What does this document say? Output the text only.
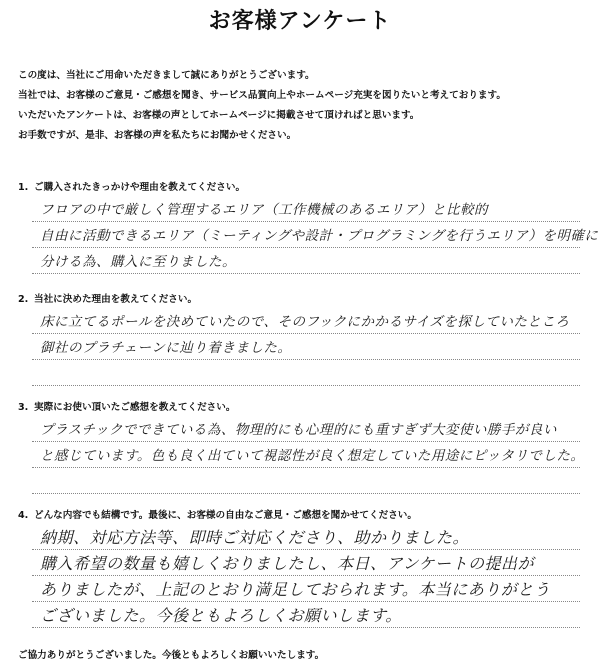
お客様アンケート

この度は、当社にご用命いただきまして誠にありがとうございます。

当社では、お客様のご意見・ご感想を聞き、サービス品質向上やホームページ充実を図りたいと考えております。

いただいたアンケートは、お客様の声としてホームページに掲載させて頂ければと思います。

お手数ですが、是非、お客様の声を私たちにお聞かせください。

1. ご購入されたきっかけや理由を教えてください。
フロアの中で厳しく管理するエリア（工作機械のあるエリア）と比較的
自由に活動できるエリア（ミーティングや設計・プログラミングを行うエリア）を明確に
分ける為、購入に至りました。
2. 当社に決めた理由を教えてください。
床に立てるポールを決めていたので、そのフックにかかるサイズを探していたところ
御社のプラチェーンに辿り着きました。
3. 実際にお使い頂いたご感想を教えてください。
プラスチックでできている為、物理的にも心理的にも重すぎず大変使い勝手が良い
と感じています。色も良く出ていて視認性が良く想定していた用途にピッタリでした。
4. どんな内容でも結構です。最後に、お客様の自由なご意見・ご感想を聞かせてください。
納期、対応方法等、即時ご対応くださり、助かりました。
購入希望の数量も嬉しくおりましたし、本日、アンケートの提出が
ありましたが、上記のとおり満足しておられます。本当にありがとう
ございました。今後ともよろしくお願いします。
ご協力ありがとうございました。今後ともよろしくお願いいたします。
